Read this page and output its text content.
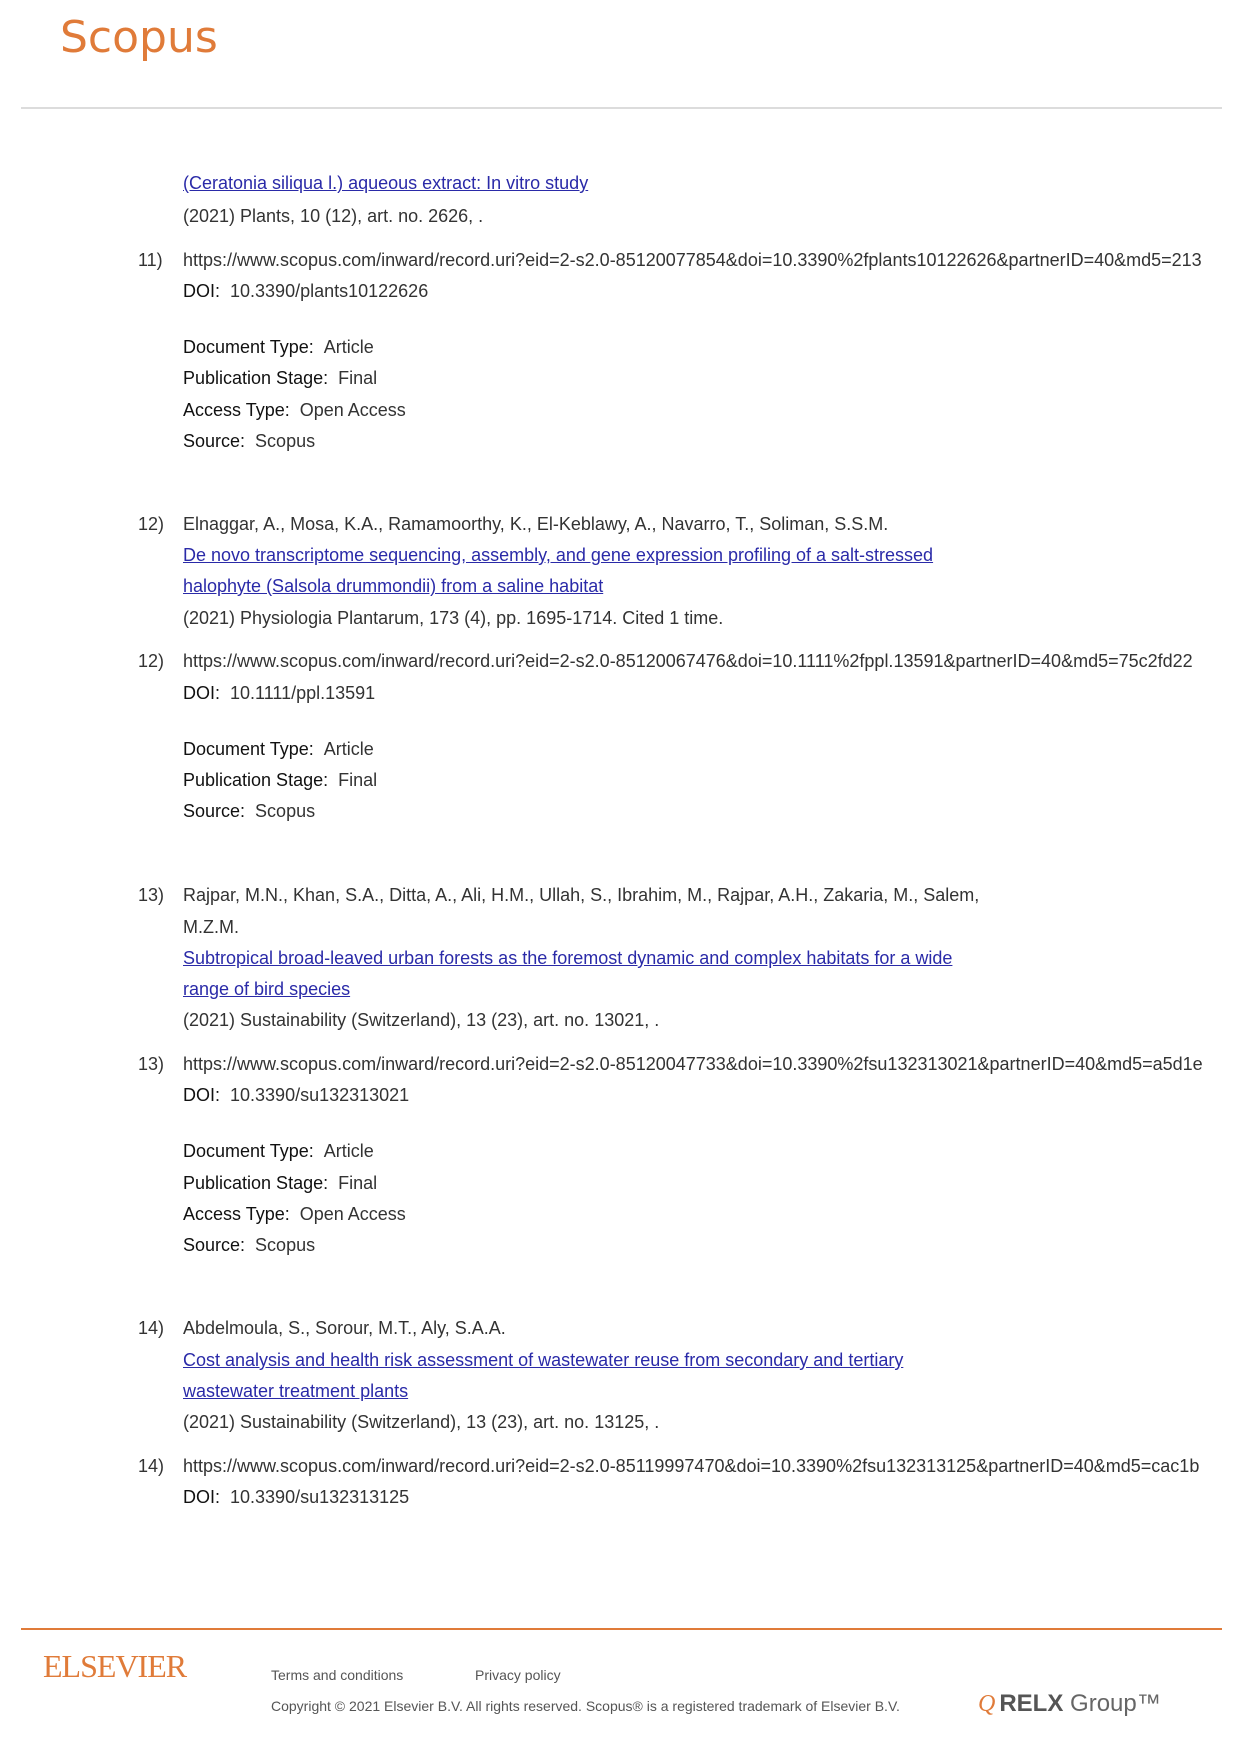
Scopus
(Ceratonia siliqua l.) aqueous extract: In vitro study
(2021) Plants, 10 (12), art. no. 2626, .
11) https://www.scopus.com/inward/record.uri?eid=2-s2.0-85120077854&doi=10.3390%2fplants10122626&partnerID=40&md5=213
DOI: 10.3390/plants10122626
Document Type: Article
Publication Stage: Final
Access Type: Open Access
Source: Scopus
12) Elnaggar, A., Mosa, K.A., Ramamoorthy, K., El-Keblawy, A., Navarro, T., Soliman, S.S.M.
De novo transcriptome sequencing, assembly, and gene expression profiling of a salt-stressed
halophyte (Salsola drummondii) from a saline habitat
(2021) Physiologia Plantarum, 173 (4), pp. 1695-1714. Cited 1 time.
12) https://www.scopus.com/inward/record.uri?eid=2-s2.0-85120067476&doi=10.1111%2fppl.13591&partnerID=40&md5=75c2fd22
DOI: 10.1111/ppl.13591
Document Type: Article
Publication Stage: Final
Source: Scopus
13) Rajpar, M.N., Khan, S.A., Ditta, A., Ali, H.M., Ullah, S., Ibrahim, M., Rajpar, A.H., Zakaria, M., Salem,
M.Z.M.
Subtropical broad-leaved urban forests as the foremost dynamic and complex habitats for a wide
range of bird species
(2021) Sustainability (Switzerland), 13 (23), art. no. 13021, .
13) https://www.scopus.com/inward/record.uri?eid=2-s2.0-85120047733&doi=10.3390%2fsu132313021&partnerID=40&md5=a5d1e
DOI: 10.3390/su132313021
Document Type: Article
Publication Stage: Final
Access Type: Open Access
Source: Scopus
14) Abdelmoula, S., Sorour, M.T., Aly, S.A.A.
Cost analysis and health risk assessment of wastewater reuse from secondary and tertiary
wastewater treatment plants
(2021) Sustainability (Switzerland), 13 (23), art. no. 13125, .
14) https://www.scopus.com/inward/record.uri?eid=2-s2.0-85119997470&doi=10.3390%2fsu132313125&partnerID=40&md5=cac1b
DOI: 10.3390/su132313125
ELSEVIER	Terms and conditions	Privacy policy
Copyright © 2021 Elsevier B.V. All rights reserved. Scopus® is a registered trademark of Elsevier B.V.	Q RELX Group™
